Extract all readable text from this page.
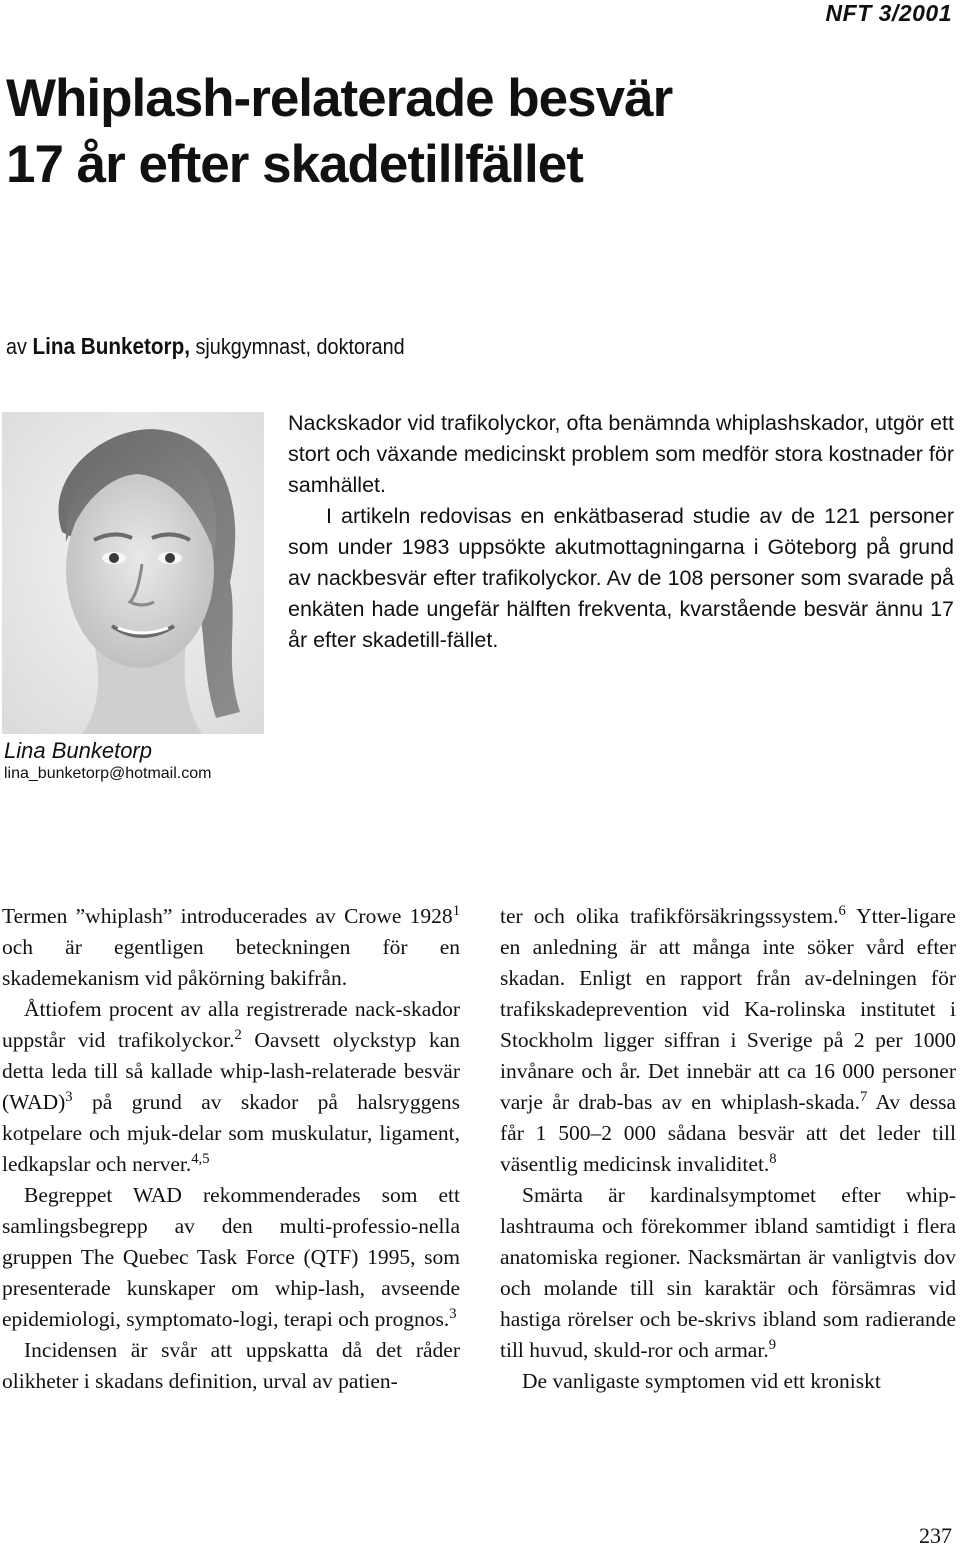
NFT 3/2001
Whiplash-relaterade besvär
17 år efter skadetillfället
av Lina Bunketorp, sjukgymnast, doktorand
Lina Bunketorp
lina_bunketorp@hotmail.com

Nackskador vid trafikolyckor, ofta benämnda whiplashskador, utgör ett stort och växande medicinskt problem som medför stora kostnader för samhället.

I artikeln redovisas en enkätbaserad studie av de 121 personer som under 1983 uppsökte akutmottagningarna i Göteborg på grund av nackbesvär efter trafikolyckor. Av de 108 personer som svarade på enkäten hade ungefär hälften frekventa, kvarstående besvär ännu 17 år efter skadetill-fället.

Termen ”whiplash” introducerades av Crowe 1928$^1$ och är egentligen beteckningen för en skademekanism vid påkörning bakifrån.

Åttiofem procent av alla registrerade nack-skador uppstår vid trafikolyckor.$^2$ Oavsett olyckstyp kan detta leda till så kallade whip-lash-relaterade besvär (WAD)$^3$ på grund av skador på halsryggens kotpelare och mjuk-delar som muskulatur, ligament, ledkapslar och nerver.$^{4,5}$

Begreppet WAD rekommenderades som ett samlingsbegrepp av den multi-professio-nella gruppen The Quebec Task Force (QTF) 1995, som presenterade kunskaper om whip-lash, avseende epidemiologi, symptomato-logi, terapi och prognos.$^3$

Incidensen är svår att uppskatta då det råder olikheter i skadans definition, urval av patien-

ter och olika trafikförsäkringssystem.$^6$ Ytter-ligare en anledning är att många inte söker vård efter skadan. Enligt en rapport från av-delningen för trafikskadeprevention vid Ka-rolinska institutet i Stockholm ligger siffran i Sverige på 2 per 1000 invånare och år. Det innebär att ca 16 000 personer varje år drab-bas av en whiplash-skada.$^7$ Av dessa får 1 500–2 000 sådana besvär att det leder till väsentlig medicinsk invaliditet.$^8$

Smärta är kardinalsymptomet efter whip-lashtrauma och förekommer ibland samtidigt i flera anatomiska regioner. Nacksmärtan är vanligtvis dov och molande till sin karaktär och försämras vid hastiga rörelser och be-skrivs ibland som radierande till huvud, skuld-ror och armar.$^9$

De vanligaste symptomen vid ett kroniskt

237
